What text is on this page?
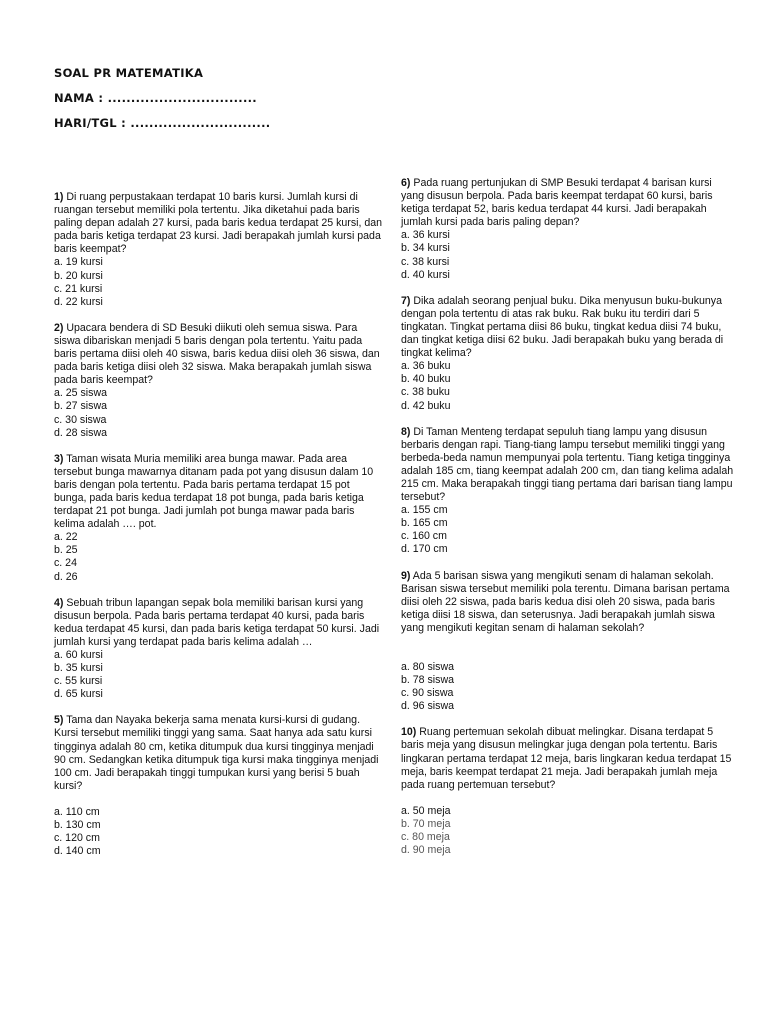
SOAL PR MATEMATIKA
NAMA : ................................
HARI/TGL : ..............................
1) Di ruang perpustakaan terdapat 10 baris kursi. Jumlah kursi di ruangan tersebut memiliki pola tertentu. Jika diketahui pada baris paling depan adalah 27 kursi, pada baris kedua terdapat 25 kursi, dan pada baris ketiga terdapat 23 kursi. Jadi berapakah jumlah kursi pada baris keempat?
a. 19 kursi
b. 20 kursi
c. 21 kursi
d. 22 kursi
2) Upacara bendera di SD Besuki diikuti oleh semua siswa. Para siswa dibariskan menjadi 5 baris dengan pola tertentu. Yaitu pada baris pertama diisi oleh 40 siswa, baris kedua diisi oleh 36 siswa, dan pada baris ketiga diisi oleh 32 siswa. Maka berapakah jumlah siswa pada baris keempat?
a. 25 siswa
b. 27 siswa
c. 30 siswa
d. 28 siswa
3) Taman wisata Muria memiliki area bunga mawar. Pada area tersebut bunga mawarnya ditanam pada pot yang disusun dalam 10 baris dengan pola tertentu. Pada baris pertama terdapat 15 pot bunga, pada baris kedua terdapat 18 pot bunga, pada baris ketiga terdapat 21 pot bunga. Jadi jumlah pot bunga mawar pada baris kelima adalah …. pot.
a. 22
b. 25
c. 24
d. 26
4) Sebuah tribun lapangan sepak bola memiliki barisan kursi yang disusun berpola. Pada baris pertama terdapat 40 kursi, pada baris kedua terdapat 45 kursi, dan pada baris ketiga terdapat 50 kursi. Jadi jumlah kursi yang terdapat pada baris kelima adalah …
a. 60 kursi
b. 35 kursi
c. 55 kursi
d. 65 kursi
5) Tama dan Nayaka bekerja sama menata kursi-kursi di gudang. Kursi tersebut memiliki tinggi yang sama. Saat hanya ada satu kursi tingginya adalah 80 cm, ketika ditumpuk dua kursi tingginya menjadi 90 cm. Sedangkan ketika ditumpuk tiga kursi maka tingginya menjadi 100 cm. Jadi berapakah tinggi tumpukan kursi yang berisi 5 buah kursi?
a. 110 cm
b. 130 cm
c. 120 cm
d. 140 cm
6) Pada ruang pertunjukan di SMP Besuki terdapat 4 barisan kursi yang disusun berpola. Pada baris keempat terdapat 60 kursi, baris ketiga terdapat 52, baris kedua terdapat 44 kursi. Jadi berapakah jumlah kursi pada baris paling depan?
a. 36 kursi
b. 34 kursi
c. 38 kursi
d. 40 kursi
7) Dika adalah seorang penjual buku. Dika menyusun buku-bukunya dengan pola tertentu di atas rak buku. Rak buku itu terdiri dari 5 tingkatan. Tingkat pertama diisi 86 buku, tingkat kedua diisi 74 buku, dan tingkat ketiga diisi 62 buku. Jadi berapakah buku yang berada di tingkat kelima?
a. 36 buku
b. 40 buku
c. 38 buku
d. 42 buku
8) Di Taman Menteng terdapat sepuluh tiang lampu yang disusun berbaris dengan rapi. Tiang-tiang lampu tersebut memiliki tinggi yang berbeda-beda namun mempunyai pola tertentu. Tiang ketiga tingginya adalah 185 cm, tiang keempat adalah 200 cm, dan tiang kelima adalah 215 cm. Maka berapakah tinggi tiang pertama dari barisan tiang lampu tersebut?
a. 155 cm
b. 165 cm
c. 160 cm
d. 170 cm
9) Ada 5 barisan siswa yang mengikuti senam di halaman sekolah. Barisan siswa tersebut memiliki pola terentu. Dimana barisan pertama diisi oleh 22 siswa, pada baris kedua disi oleh 20 siswa, pada baris ketiga diisi 18 siswa, dan seterusnya. Jadi berapakah jumlah siswa yang mengikuti kegitan senam di halaman sekolah?
a. 80 siswa
b. 78 siswa
c. 90 siswa
d. 96 siswa
10) Ruang pertemuan sekolah dibuat melingkar. Disana terdapat 5 baris meja yang disusun melingkar juga dengan pola tertentu. Baris lingkaran pertama terdapat 12 meja, baris lingkaran kedua terdapat 15 meja, baris keempat terdapat 21 meja. Jadi berapakah jumlah meja pada ruang pertemuan tersebut?
a. 50 meja
b. 70 meja
c. 80 meja
d. 90 meja
